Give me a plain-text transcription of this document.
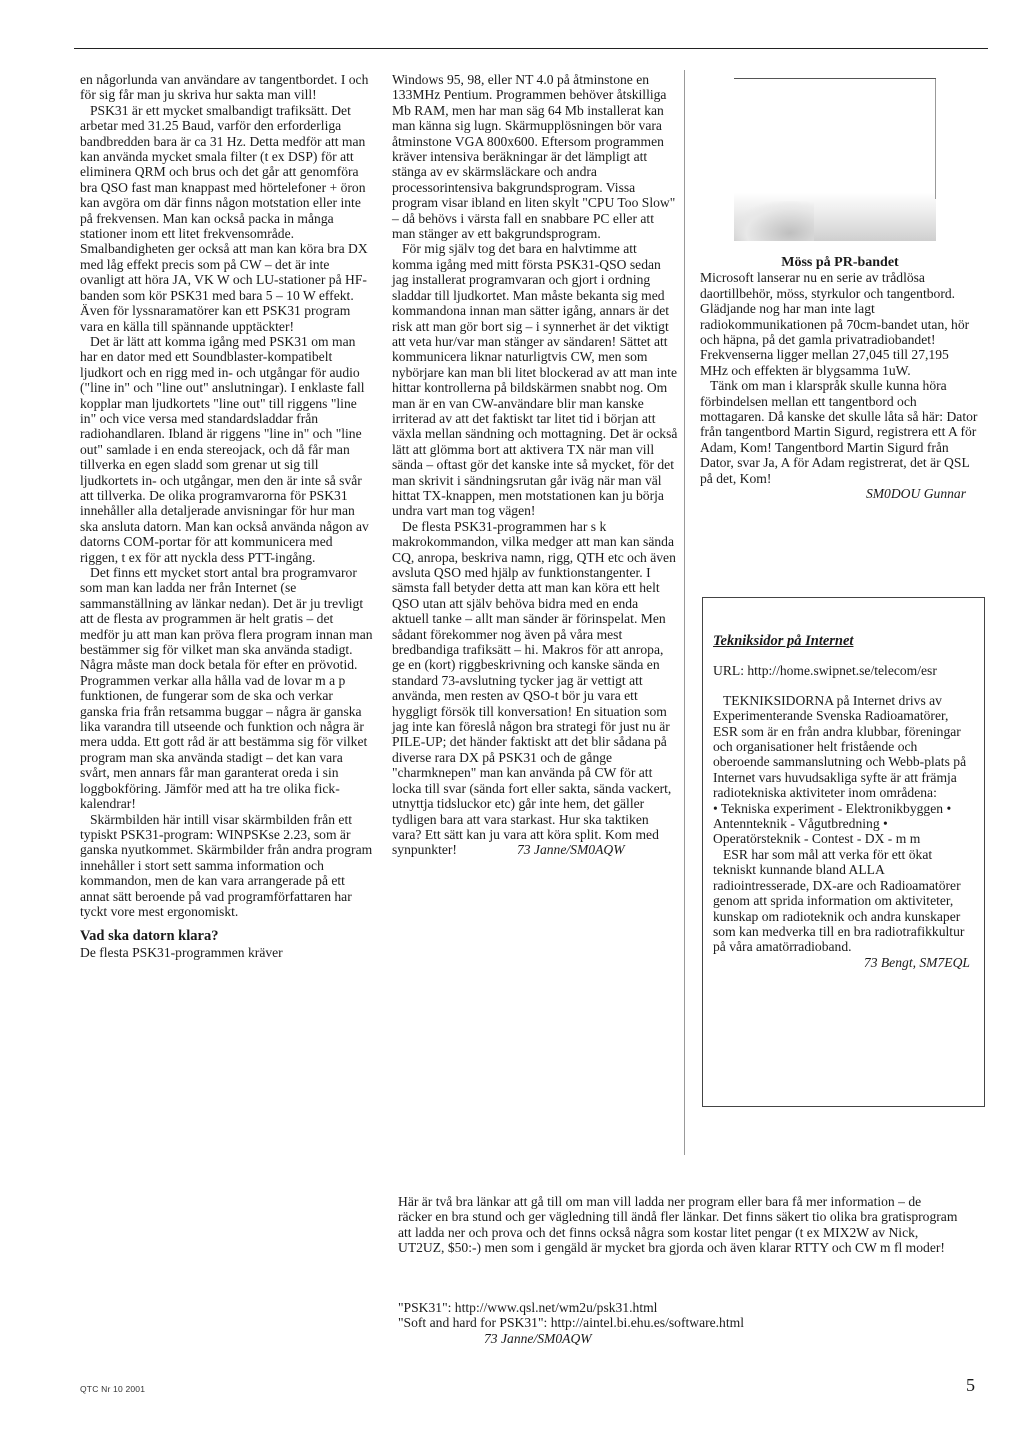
en någorlunda van användare av tangentbordet. I och för sig får man ju skriva hur sakta man vill!

PSK31 är ett mycket smalbandigt trafiksätt. Det arbetar med 31.25 Baud, varför den erforderliga bandbredden bara är ca 31 Hz. Detta medför att man kan använda mycket smala filter (t ex DSP) för att eliminera QRM och brus och det går att genomföra bra QSO fast man knappast med hörtelefoner + öron kan avgöra om där finns någon motstation eller inte på frekvensen. Man kan också packa in många stationer inom ett litet frekvensområde. Smalbandigheten ger också att man kan köra bra DX med låg effekt precis som på CW – det är inte ovanligt att höra JA, VK W och LU-stationer på HF-banden som kör PSK31 med bara 5 – 10 W effekt. Även för lyssnaramatörer kan ett PSK31 program vara en källa till spännande upptäckter!

Det är lätt att komma igång med PSK31 om man har en dator med ett Soundblaster-kompatibelt ljudkort och en rigg med in- och utgångar för audio ("line in" och "line out" anslutningar). I enklaste fall kopplar man ljudkortets "line out" till riggens "line in" och vice versa med standardsladdar från radiohandlaren. Ibland är riggens "line in" och "line out" samlade i en enda stereojack, och då får man tillverka en egen sladd som grenar ut sig till ljudkortets in- och utgångar, men den är inte så svår att tillverka. De olika programvarorna för PSK31 innehåller alla detaljerade anvisningar för hur man ska ansluta datorn. Man kan också använda någon av datorns COM-portar för att kommunicera med riggen, t ex för att nyckla dess PTT-ingång.

Det finns ett mycket stort antal bra programvaror som man kan ladda ner från Internet (se sammanställning av länkar nedan). Det är ju trevligt att de flesta av programmen är helt gratis – det medför ju att man kan pröva flera program innan man bestämmer sig för vilket man ska använda stadigt. Några måste man dock betala för efter en prövotid. Programmen verkar alla hålla vad de lovar m a p funktionen, de fungerar som de ska och verkar ganska fria från retsamma buggar – några är ganska lika varandra till utseende och funktion och några är mera udda. Ett gott råd är att bestämma sig för vilket program man ska använda stadigt – det kan vara svårt, men annars får man garanterat oreda i sin loggbokföring. Jämför med att ha tre olika fick-kalendrar!

Skärmbilden här intill visar skärmbilden från ett typiskt PSK31-program: WINPSKse 2.23, som är ganska nyutkommet. Skärmbilder från andra program innehåller i stort sett samma information och kommandon, men de kan vara arrangerade på ett annat sätt beroende på vad programförfattaren har tyckt vore mest ergonomiskt.

Vad ska datorn klara?

De flesta PSK31-programmen kräver

Windows 95, 98, eller NT 4.0 på åtminstone en 133MHz Pentium. Programmen behöver åtskilliga Mb RAM, men har man säg 64 Mb installerat kan man känna sig lugn. Skärmupplösningen bör vara åtminstone VGA 800x600. Eftersom programmen kräver intensiva beräkningar är det lämpligt att stänga av ev skärmsläckare och andra processorintensiva bakgrundsprogram. Vissa program visar ibland en liten skylt "CPU Too Slow" – då behövs i värsta fall en snabbare PC eller att man stänger av ett bakgrundsprogram.

För mig själv tog det bara en halvtimme att komma igång med mitt första PSK31-QSO sedan jag installerat programvaran och gjort i ordning sladdar till ljudkortet. Man måste bekanta sig med kommandona innan man sätter igång, annars är det risk att man gör bort sig – i synnerhet är det viktigt att veta hur/var man stänger av sändaren! Sättet att kommunicera liknar naturligtvis CW, men som nybörjare kan man bli litet blockerad av att man inte hittar kontrollerna på bildskärmen snabbt nog. Om man är en van CW-användare blir man kanske irriterad av att det faktiskt tar litet tid i början att växla mellan sändning och mottagning. Det är också lätt att glömma bort att aktivera TX när man vill sända – oftast gör det kanske inte så mycket, för det man skrivit i sändningsrutan går iväg när man väl hittat TX-knappen, men motstationen kan ju börja undra vart man tog vägen!

De flesta PSK31-programmen har s k makrokommandon, vilka medger att man kan sända CQ, anropa, beskriva namn, rigg, QTH etc och även avsluta QSO med hjälp av funktionstangenter. I sämsta fall betyder detta att man kan köra ett helt QSO utan att själv behöva bidra med en enda aktuell tanke – allt man sänder är förinspelat. Men sådant förekommer nog även på våra mest bredbandiga trafiksätt – hi. Makros för att anropa, ge en (kort) riggbeskrivning och kanske sända en standard 73-avslutning tycker jag är vettigt att använda, men resten av QSO-t bör ju vara ett hyggligt försök till konversation! En situation som jag inte kan föreslå någon bra strategi för just nu är PILE-UP; det händer faktiskt att det blir sådana på diverse rara DX på PSK31 och de gånge "charmknepen" man kan använda på CW för att locka till svar (sända fort eller sakta, sända vackert, utnyttja tidsluckor etc) går inte hem, det gäller tydligen bara att vara starkast. Hur ska taktiken vara? Ett sätt kan ju vara att köra split. Kom med synpunkter!	73 Janne/SM0AQW

Möss på PR-bandet

Microsoft lanserar nu en serie av trådlösa daortillbehör, möss, styrkulor och tangentbord. Glädjande nog har man inte lagt radiokommunikationen på 70cm-bandet utan, hör och häpna, på det gamla privatradiobandet! Frekvenserna ligger mellan 27,045 till 27,195 MHz och effekten är blygsamma 1uW.

Tänk om man i klarspråk skulle kunna höra förbindelsen mellan ett tangentbord och mottagaren. Då kanske det skulle låta så här: Dator från tangentbord Martin Sigurd, registrera ett A för Adam, Kom! Tangentbord Martin Sigurd från Dator, svar Ja, A för Adam registrerat, det är QSL på det, Kom!

SM0DOU Gunnar

Tekniksidor på Internet

URL: http://home.swipnet.se/telecom/esr

TEKNIKSIDORNA på Internet drivs av Experimenterande Svenska Radioamatörer, ESR som är en från andra klubbar, föreningar och organisationer helt fristående och oberoende sammanslutning och Webb-plats på Internet vars huvudsakliga syfte är att främja radiotekniska aktiviteter inom områdena:

• Tekniska experiment - Elektronikbyggen • Antennteknik - Vågutbredning • Operatörsteknik - Contest - DX - m m

ESR har som mål att verka för ett ökat tekniskt kunnande bland ALLA radiointresserade, DX-are och Radioamatörer genom att sprida information om aktiviteter, kunskap om radioteknik och andra kunskaper som kan medverka till en bra radiotrafikkultur på våra amatörradioband.

73 Bengt, SM7EQL

Här är två bra länkar att gå till om man vill ladda ner program eller bara få mer information – de räcker en bra stund och ger vägledning till ändå fler länkar. Det finns säkert tio olika bra gratisprogram att ladda ner och prova och det finns också några som kostar litet pengar (t ex MIX2W av Nick, UT2UZ, $50:-) men som i gengäld är mycket bra gjorda och även klarar RTTY och CW m fl moder!

"PSK31": http://www.qsl.net/wm2u/psk31.html

"Soft and hard for PSK31": http://aintel.bi.ehu.es/software.html

73 Janne/SM0AQW

QTC Nr 10 2001	5
